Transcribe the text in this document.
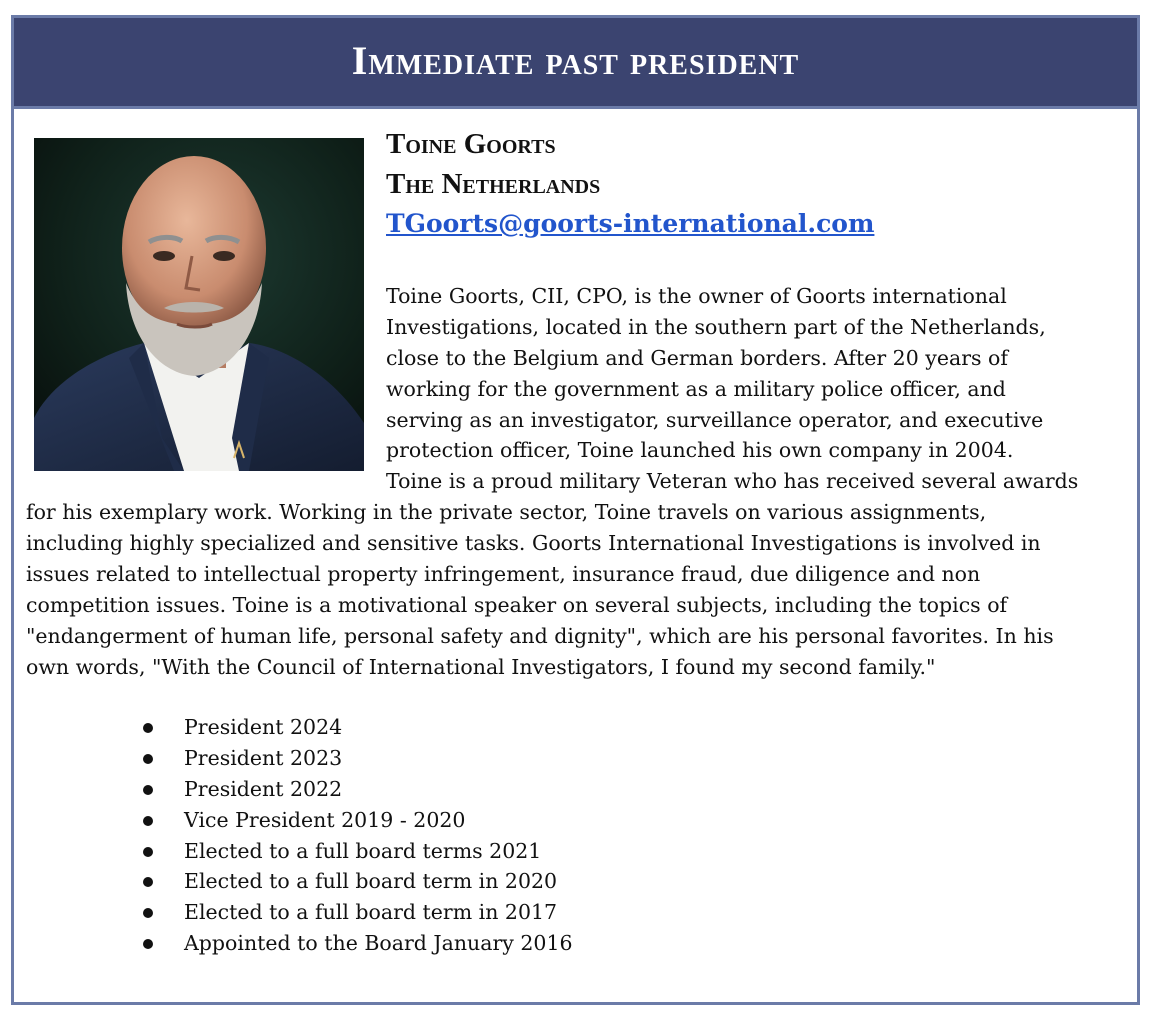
Immediate past president
Toine Goorts
The Netherlands
TGoorts@goorts-international.com
Toine Goorts, CII, CPO, is the owner of Goorts international
Investigations, located in the southern part of the Netherlands,
close to the Belgium and German borders. After 20 years of
working for the government as a military police officer, and
serving as an investigator, surveillance operator, and executive
protection officer, Toine launched his own company in 2004.
Toine is a proud military Veteran who has received several awards
for his exemplary work. Working in the private sector, Toine travels on various assignments,
including highly specialized and sensitive tasks. Goorts International Investigations is involved in
issues related to intellectual property infringement, insurance fraud, due diligence and non
competition issues. Toine is a motivational speaker on several subjects, including the topics of
"endangerment of human life, personal safety and dignity", which are his personal favorites. In his
own words, "With the Council of International Investigators, I found my second family."
President 2024
President 2023
President 2022
Vice President 2019 - 2020
Elected to a full board terms 2021
Elected to a full board term in 2020
Elected to a full board term in 2017
Appointed to the Board January 2016
